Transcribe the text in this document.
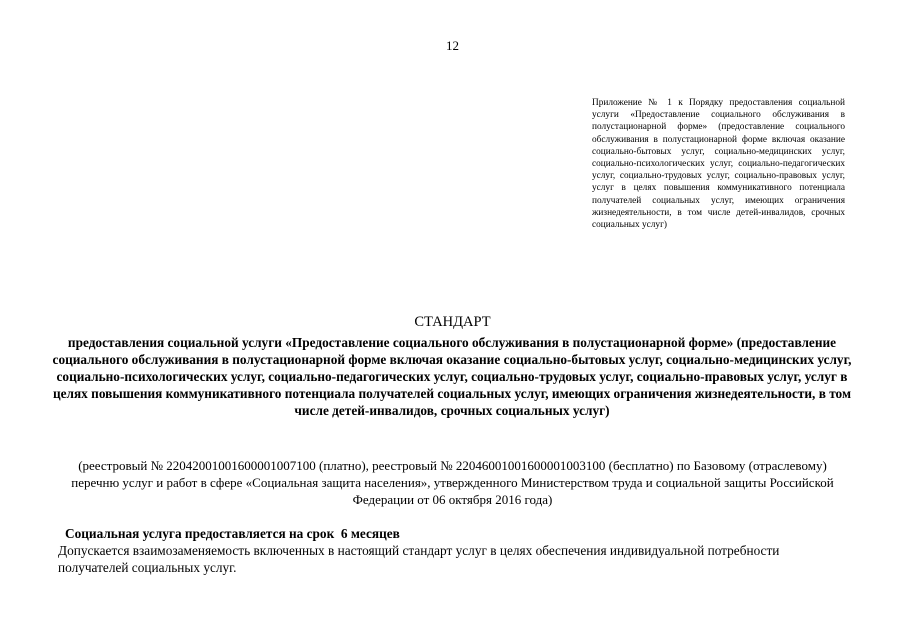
12
Приложение № 1 к Порядку предоставления социальной услуги «Предоставление социального обслуживания в полустационарной форме» (предоставление социального обслуживания в полустационарной форме включая оказание социально-бытовых услуг, социально-медицинских услуг, социально-психологических услуг, социально-педагогических услуг, социально-трудовых услуг, социально-правовых услуг, услуг в целях повышения коммуникативного потенциала получателей социальных услуг, имеющих ограничения жизнедеятельности, в том числе детей-инвалидов, срочных социальных услуг)
СТАНДАРТ
предоставления социальной услуги «Предоставление социального обслуживания в полустационарной форме» (предоставление социального обслуживания в полустационарной форме включая оказание социально-бытовых услуг, социально-медицинских услуг, социально-психологических услуг, социально-педагогических услуг, социально-трудовых услуг, социально-правовых услуг, услуг в целях повышения коммуникативного потенциала получателей социальных услуг, имеющих ограничения жизнедеятельности, в том числе детей-инвалидов, срочных социальных услуг)
(реестровый № 22042001001600001007100 (платно), реестровый № 22046001001600001003100 (бесплатно) по Базовому (отраслевому) перечню услуг и работ в сфере «Социальная защита населения», утвержденного Министерством труда и социальной защиты Российской Федерации от 06 октября 2016 года)
Социальная услуга предоставляется на срок  6 месяцев
Допускается взаимозаменяемость включенных в настоящий стандарт услуг в целях обеспечения индивидуальной потребности получателей социальных услуг.
